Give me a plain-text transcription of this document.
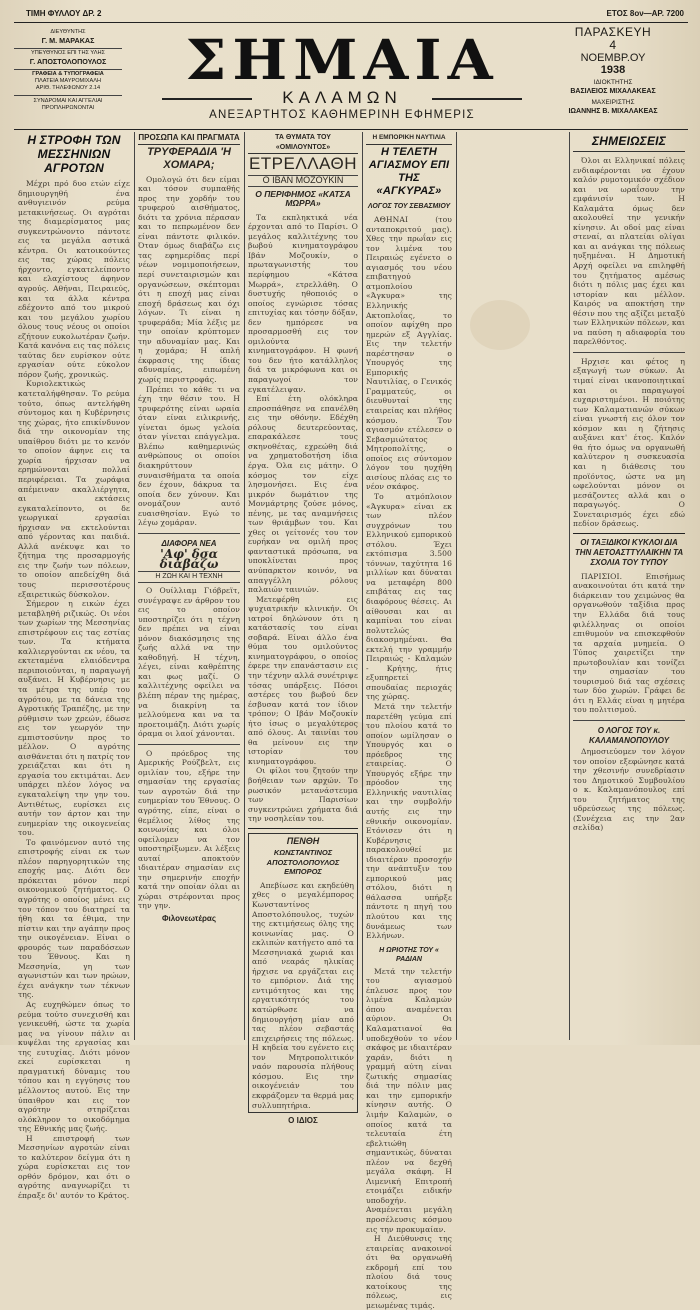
ΤΙΜΗ ΦΥΛΛΟΥ ΔΡ. 2	ΕΤΟΣ 8ον—ΑΡ. 7200
ΔΙΕΥΘΥΝΤΗΣ
Γ. Μ. ΜΑΡΑΚΑΣ
ΥΠΕΥΘΥΝΟΣ ΕΠΙ ΤΗΣ ΥΛΗΣ
Γ. ΑΠΟΣΤΟΛΟΠΟΥΛΟΣ
ΓΡΑΦΕΙΑ & ΤΥΠΟΓΡΑΦΕΙΑ
ΠΛΑΤΕΙΑ ΜΑΥΡΟΜΙΧΑΛΗ
ΑΡΙΘ. ΤΗΛΕΦΩΝΟΥ 2.14
ΣΥΝΔΡΟΜΑΙ ΚΑΙ ΑΓΓΕΛΙΑΙ
ΠΡΟΠΛΗΡΩΝΟΝΤΑΙ
ΣΗΜΑΙΑ
ΚΑΛΑΜΩΝ
ΑΝΕΞΑΡΤΗΤΟΣ ΚΑΘΗΜΕΡΙΝΗ ΕΦΗΜΕΡΙΣ
ΠΑΡΑΣΚΕΥΗ
4
ΝΟΕΜΒΡ.ΟΥ
1938
ΙΔΙΟΚΤΗΤΗΣ
ΒΑΣΙΛΕΙΟΣ ΜΙΧΑΛΑΚΕΑΣ
ΜΑΧΕΙΡΙΣΤΗΣ
ΙΩΑΝΝΗΣ Β. ΜΙΧΑΛΑΚΕΑΣ
Η ΣΤΡΟΦΗ ΤΩΝ ΜΕΣΣΗΝΙΩΝ ΑΓΡΟΤΩΝ

Μέχρι πρό δυο ετών είχε δημιουργηθή ένα ανθυγιεινόν ρεύμα μετακινήσεως. Οι αγρόται της διαμερίσματος μας συγκεντρώνοντο πάντοτε εις τα μεγάλα αστικά κέντρα. Οι κατοικούντες εις τας χώρας πόλεις ήρχοντο, εγκατελείποντο και ελαχίστους άφηνον αγρούς. Αθήναι, Πειραιεύς, και τα άλλα κέντρα εδέχοντο από του μικρού και του μεγάλου χωρίου όλους τους νέους οι οποίοι εζήτουν ευκολωτέραν ζωήν. Κατά κανόνα εις τας πόλεις ταύτας δεν ευρίσκον ούτε εργασίαν ούτε εύκολον πόρον ζωής, χρονικώς.

Κυριολεκτικώς κατεταλήφθησαν. Το ρεύμα τούτο, όπως αντελήφθη σύντομος και η Κυβέρνησις της χώρας, ήτο επικίνδυνον διά την οικονομίαν της υπαίθρου διότι με το κενόν το οποίον άφηνε εις τα χωρία ήρχισαν να ερημώνονται πολλαί περιφέρειαι. Τα χωράφια απέμειναν ακαλλιέργητα, αι εκτάσεις εγκαταλείποντο, οι δε γεωργικαί εργασίαι ήρχισαν να εκτελούνται από γέροντας και παιδιά. Αλλά ανέκυψε και το ζήτημα της προσαρμογής εις την ζωήν των πόλεων, το οποίον απεδείχθη διά τους περισσοτέρους εξαιρετικώς δύσκολον.

Σήμερον η εικών έχει μεταβληθή ριζικώς. Οι νέοι των χωρίων της Μεσσηνίας επιστρέφουν εις τας εστίας των. Τα κτήματα καλλιεργούνται εκ νέου, τα εκτεταμένα ελαιόδεντρα περιποιούνται, η παραγωγή αυξάνει. Η Κυβέρνησις με τα μέτρα της υπέρ του αγρότου, με τα δάνεια της Αγροτικής Τραπέζης, με την ρύθμισιν των χρεών, έδωσε εις τον γεωργόν την εμπιστοσύνην προς το μέλλον. Ο αγρότης αισθάνεται ότι η πατρίς τον χρειάζεται και ότι η εργασία του εκτιμάται. Δεν υπάρχει πλέον λόγος να εγκαταλείψη την γην του. Αντιθέτως, ευρίσκει εις αυτήν τον άρτον και την ευημερίαν της οικογενείας του.

Το φαινόμενον αυτό της επιστροφής είναι εκ των πλέον παρηγορητικών της εποχής μας. Διότι δεν πρόκειται μόνον περί οικονομικού ζητήματος. Ο αγρότης ο οποίος μένει εις τον τόπον του διατηρεί τα ήθη και τα έθιμα, την πίστιν και την αγάπην προς την οικογένειαν. Είναι ο φρουρός των παραδόσεων του Έθνους. Και η Μεσσηνία, γη των αγωνιστών και των ηρώων, έχει ανάγκην των τέκνων της.

Ας ευχηθώμεν όπως το ρεύμα τούτο συνεχισθή και γενικευθή, ώστε τα χωρία μας να γίνουν πάλιν αι κυψέλαι της εργασίας και της ευτυχίας. Διότι μόνον εκεί ευρίσκεται η πραγματική δύναμις του τόπου και η εγγύησις του μέλλοντος αυτού. Εις την ύπαιθρον και εις τον αγρότην στηρίζεται ολόκληρον το οικοδόμημα της Εθνικής μας ζωής.

Η επιστροφή των Μεσσηνίων αγροτών είναι το καλύτερον δείγμα ότι η χώρα ευρίσκεται εις τον ορθόν δρόμον, και ότι ο αγρότης αναγνωρίζει τι έπραξε δι' αυτόν το Κράτος.

ΠΡΟΣΩΠΑ ΚΑΙ ΠΡΑΓΜΑΤΑ
ΤΡΥΦΕΡΑΔΙΑ 'Η ΧΟΜΑΡΑ;

Ομολογώ ότι δεν είμαι και τόσον συμπαθής προς την χορδήν του τρυφερού αισθήματος, διότι τα χρόνια πέρασαν και το πεπρωμένον δεν είναι πάντοτε φιλικόν. Όταν όμως διαβάζω εις τας εφημερίδας περί νέων νομιμοποιήσεων, περί συνεταιρισμών και οργανώσεων, σκέπτομαι ότι η εποχή μας είναι εποχή δράσεως και όχι λόγων. Τι είναι η τρυφεράδα; Μία λέξις με την οποίαν κρύπτομεν την αδυναμίαν μας. Και η χομάρα; Η απλή έκφρασις της ίδιας αδυναμίας, ειπωμένη χωρίς περιστροφάς.

Πρέπει το κάθε τι να έχη την θέσιν του. Η τρυφερότης είναι ωραία όταν είναι ειλικρινής, γίνεται όμως γελοία όταν γίνεται επάγγελμα. Βλέπω καθημερινώς ανθρώπους οι οποίοι διακηρύττουν συναισθήματα τα οποία δεν έχουν, δάκρυα τα οποία δεν χύνουν. Και ονομάζουν αυτό ευαισθησίαν. Εγώ το λέγω χομάραν.

ΔΙΑΦΟΡΑ ΝΕΑ
'Αφ' δσα διαβάζω
Η ΖΩΗ ΚΑΙ Η ΤΕΧΝΗ

Ο Ουίλλιαμ Γιόβρεϊτ, συνέγραψε εν άρθρον του εις το οποίον υποστηρίζει ότι η τέχνη δεν πρέπει να είναι μόνον διακόσμησις της ζωής αλλά να την καθοδηγή. Η τέχνη, λέγει, είναι καθρέπτης και φως μαζί. Ο καλλιτέχνης οφείλει να βλέπη πέραν της ημέρας, να διακρίνη τα μελλούμενα και να τα προετοιμάζη. Διότι χωρίς όραμα οι λαοί χάνονται.

Ο πρόεδρος της Αμερικής Ρούζβελτ, εις ομιλίαν του, εξήρε την σημασίαν της εργασίας των αγροτών διά την ευημερίαν του Έθνους. Ο αγρότης, είπε, είναι ο θεμέλιος λίθος της κοινωνίας και όλοι οφείλομεν να τον υποστηρίξωμεν. Αι λέξεις αυταί αποκτούν ιδιαιτέραν σημασίαν εις την σημερινήν εποχήν κατά την οποίαν όλαι αι χώραι στρέφονται προς την γην.

Φιλονεωτέρας
ΤΑ ΘΥΜΑΤΑ ΤΟΥ «ΟΜΙΛΟΥΝΤΟΣ»
ΕΤΡΕΛΛΑΘΗ
Ο ΙΒΑΝ ΜΟΖΟΥΚΙΝ
Ο ΠΕΡΙΦΗΜΟΣ «ΚΑΤΣΑ ΜΩΡΡΑ»

Τα εκπληκτικά νέα έρχονται από το Παρίσι. Ο μεγάλος καλλιτέχνης του βωβού κινηματογράφου Ιβάν Μοζουκίν, ο πρωταγωνιστής του περίφημου «Κάτσα Μωρρά», ετρελλάθη. Ο δυστυχής ηθοποιός ο οποίος εγνώρισε τόσας επιτυχίας και τόσην δόξαν, δεν ημπόρεσε να προσαρμοσθή εις τον ομιλούντα κινηματογράφον. Η φωνή του δεν ήτο κατάλληλος διά τα μικρόφωνα και οι παραγωγοί τον εγκατέλειψαν.

Επί έτη ολόκληρα επροσπάθησε να επανέλθη εις την οθόνην. Εδέχθη ρόλους δευτερεύοντας, επαρακάλεσε τους σκηνοθέτας, εχρεώθη διά να χρηματοδοτήση ίδια έργα. Όλα εις μάτην. Ο κόσμος τον είχε λησμονήσει. Εις ένα μικρόν δωμάτιον της Μονμάρτρης ζούσε μόνος, πένης, με τας αναμνήσεις των θριάμβων του. Και χθες οι γείτονές του τον ευρήκαν να ομιλή προς φανταστικά πρόσωπα, να υποκλίνεται προς ανύπαρκτον κοινόν, να απαγγέλλη ρόλους παλαιών ταινιών.

Μετεφέρθη εις ψυχιατρικήν κλινικήν. Οι ιατροί δηλώνουν ότι η κατάστασίς του είναι σοβαρά. Είναι άλλο ένα θύμα του ομιλούντος κινηματογράφου, ο οποίος έφερε την επανάστασιν εις την τέχνην αλλά συνέτριψε τόσας υπάρξεις. Πόσοι αστέρες του βωβού δεν έσβυσαν κατά τον ίδιον τρόπον; Ο Ιβάν Μοζουκίν ήτο ίσως ο μεγαλύτερος από όλους. Αι ταινίαι του θα μείνουν εις την ιστορίαν του κινηματογράφου.

Οι φίλοι του ζητούν την βοήθειαν των αρχών. Το ρωσικόν μετανάστευμα των Παρισίων συγκεντρώνει χρήματα διά την νοσηλείαν του.

ΠΕΝΘΗ
ΚΩΝΣΤΑΝΤΙΝΟΣ ΑΠΟΣΤΟΛΟΠΟΥΛΟΣ ΕΜΠΟΡΟΣ

Απεβίωσε και εκηδεύθη χθες ο μεγαλέμπορος Κωνσταντίνος Αποστολόπουλος, τυχών της εκτιμήσεως όλης της κοινωνίας μας. Ο εκλιπών κατήγετο από τα Μεσσηνιακά χωριά και από νεαράς ηλικίας ήρχισε να εργάζεται εις το εμπόριον. Διά της εντιμότητος και της εργατικότητός του κατώρθωσε να δημιουργήση μίαν από τας πλέον σεβαστάς επιχειρήσεις της πόλεως. Η κηδεία του εγένετο εις τον Μητροπολιτικόν ναόν παρουσία πλήθους κόσμου. Εις την οικογένειάν του εκφράζομεν τα θερμά μας συλλυπητήρια.

Ο ΙΔΙΟΣ
Η ΕΜΠΟΡΙΚΗ ΝΑΥΤΙΛΙΑ
Η ΤΕΛΕΤΗ ΑΓΙΑΣΜΟΥ ΕΠΙ ΤΗΣ «ΑΓΚΥΡΑΣ»
ΛΟΓΟΣ ΤΟΥ ΣΕΒΑΣΜΙΟΥ

ΑΘΗΝΑΙ (του ανταποκριτού μας). Χθες την πρωΐαν εις τον λιμένα του Πειραιώς εγένετο ο αγιασμός του νέου επιβατηγού ατμοπλοίου «Άγκυρα» της Ελληνικής Ακτοπλοΐας, το οποίον αφίχθη προ ημερών εξ Αγγλίας. Εις την τελετήν παρέστησαν ο Υπουργός της Εμπορικής Ναυτιλίας, ο Γενικός Γραμματεύς, οι διευθυνταί της εταιρείας και πλήθος κόσμου. Τον αγιασμόν ετέλεσεν ο Σεβασμιώτατος Μητροπολίτης, ο οποίος εις σύντομον λόγον του ηυχήθη αισίους πλόας εις το νέον σκάφος.

Το ατμόπλοιον «Άγκυρα» είναι εκ των πλέον συγχρόνων του Ελληνικού εμπορικού στόλου. Έχει εκτόπισμα 3.500 τόννων, ταχύτητα 16 μιλλίων και δύναται να μεταφέρη 800 επιβάτας εις τας διαφόρους θέσεις. Αι αίθουσαι και αι καμπίναι του είναι πολυτελώς διακοσμημέναι. Θα εκτελή την γραμμήν Πειραιώς - Καλαμών - Κρήτης, ήτις εξυπηρετεί σπουδαίας περιοχάς της χώρας.

Μετά την τελετήν παρετέθη γεύμα επί του πλοίου κατά το οποίον ωμίλησαν ο Υπουργός και ο πρόεδρος της εταιρείας. Ο Υπουργός εξήρε την πρόοδον της Ελληνικής ναυτιλίας και την συμβολήν αυτής εις την εθνικήν οικονομίαν. Ετόνισεν ότι η Κυβέρνησις παρακολουθεί με ιδιαιτέραν προσοχήν την ανάπτυξιν του εμπορικού μας στόλου, διότι η θάλασσα υπήρξε πάντοτε η πηγή του πλούτου και της δυνάμεως των Ελλήνων.

Η ΩΡΙΟΤΗΣ ΤΟΥ « ΡΑΔΙΑΝ

Μετά την τελετήν του αγιασμού έπλευσε προς τον λιμένα Καλαμών όπου αναμένεται αύριον. Οι Καλαματιανοί θα υποδεχθούν το νέον σκάφος με ιδιαιτέραν χαράν, διότι η γραμμή αύτη είναι ζωτικής σημασίας διά την πόλιν μας και την εμπορικήν κίνησιν αυτής. Ο λιμήν Καλαμών, ο οποίος κατά τα τελευταία έτη εβελτιώθη σημαντικώς, δύναται πλέον να δεχθή μεγάλα σκάφη. Η Λιμενική Επιτροπή ετοιμάζει ειδικήν υποδοχήν. Αναμένεται μεγάλη προσέλευσις κόσμου εις την προκυμαίαν.

Η Διεύθυνσις της εταιρείας ανακοινοί ότι θα οργανωθή εκδρομή επί του πλοίου διά τους κατοίκους της πόλεως, εις μειωμένας τιμάς.

ΣΗΜΕΙΩΣΕΙΣ

Όλοι αι Ελληνικαί πόλεις ενδιαφέρονται να έχουν καλόν ρυμοτομικόν σχέδιον και να ωραΐσουν την εμφάνισίν των. Η Καλαμάτα όμως δεν ακολουθεί την γενικήν κίνησιν. Αι οδοί μας είναι στεναί, αι πλατείαι ολίγαι και αι ανάγκαι της πόλεως ηυξημέναι. Η Δημοτική Αρχή οφείλει να επιληφθή του ζητήματος αμέσως διότι η πόλις μας έχει και ιστορίαν και μέλλον. Καιρός να αποκτήση την θέσιν που της αξίζει μεταξύ των Ελληνικών πόλεων, και να παύση η αδιαφορία του παρελθόντος.

Ηρχισε και φέτος η εξαγωγή των σύκων. Αι τιμαί είναι ικανοποιητικαί και οι παραγωγοί ευχαριστημένοι. Η ποιότης των Καλαματιανών σύκων είναι γνωστή εις όλον τον κόσμον και η ζήτησις αυξάνει κατ' έτος. Καλόν θα ήτο όμως να οργανωθή καλύτερον η συσκευασία και η διάθεσις του προϊόντος, ώστε να μη ωφελούνται μόνον οι μεσάζοντες αλλά και ο παραγωγός. Ο Συνεταιρισμός έχει εδώ πεδίον δράσεως.

ΟΙ ΤΑΞΙΔΙΚΟΙ ΚΥΚΛΟΙ ΔΙΑ ΤΗΝ ΑΕΤΟΑΣΤΤΥΛΑΙΚΗΝ ΤΑ ΣΧΟΛΙΑ ΤΟΥ ΤΥΠΟΥ

ΠΑΡΙΣΙΟΙ. Επισήμως ανακοινούται ότι κατά την διάρκειαν του χειμώνος θα οργανωθούν ταξίδια προς την Ελλάδα διά τους φιλέλληνας οι οποίοι επιθυμούν να επισκεφθούν τα αρχαία μνημεία. Ο Τύπος χαιρετίζει την πρωτοβουλίαν και τονίζει την σημασίαν του τουρισμού διά τας σχέσεις των δύο χωρών. Γράφει δε ότι η Ελλάς είναι η μητέρα του πολιτισμού.

Ο ΛΟΓΟΣ ΤΟΥ κ. ΚΑΛΑΜΑΝΟΠΟΥΛΟΥ

Δημοσιεύομεν τον λόγον τον οποίον εξεφώνησε κατά την χθεσινήν συνεδρίασιν του Δημοτικού Συμβουλίου ο κ. Καλαμανόπουλος επί του ζητήματος της υδρεύσεως της πόλεως. (Συνέχεια εις την 2αν σελίδα)
